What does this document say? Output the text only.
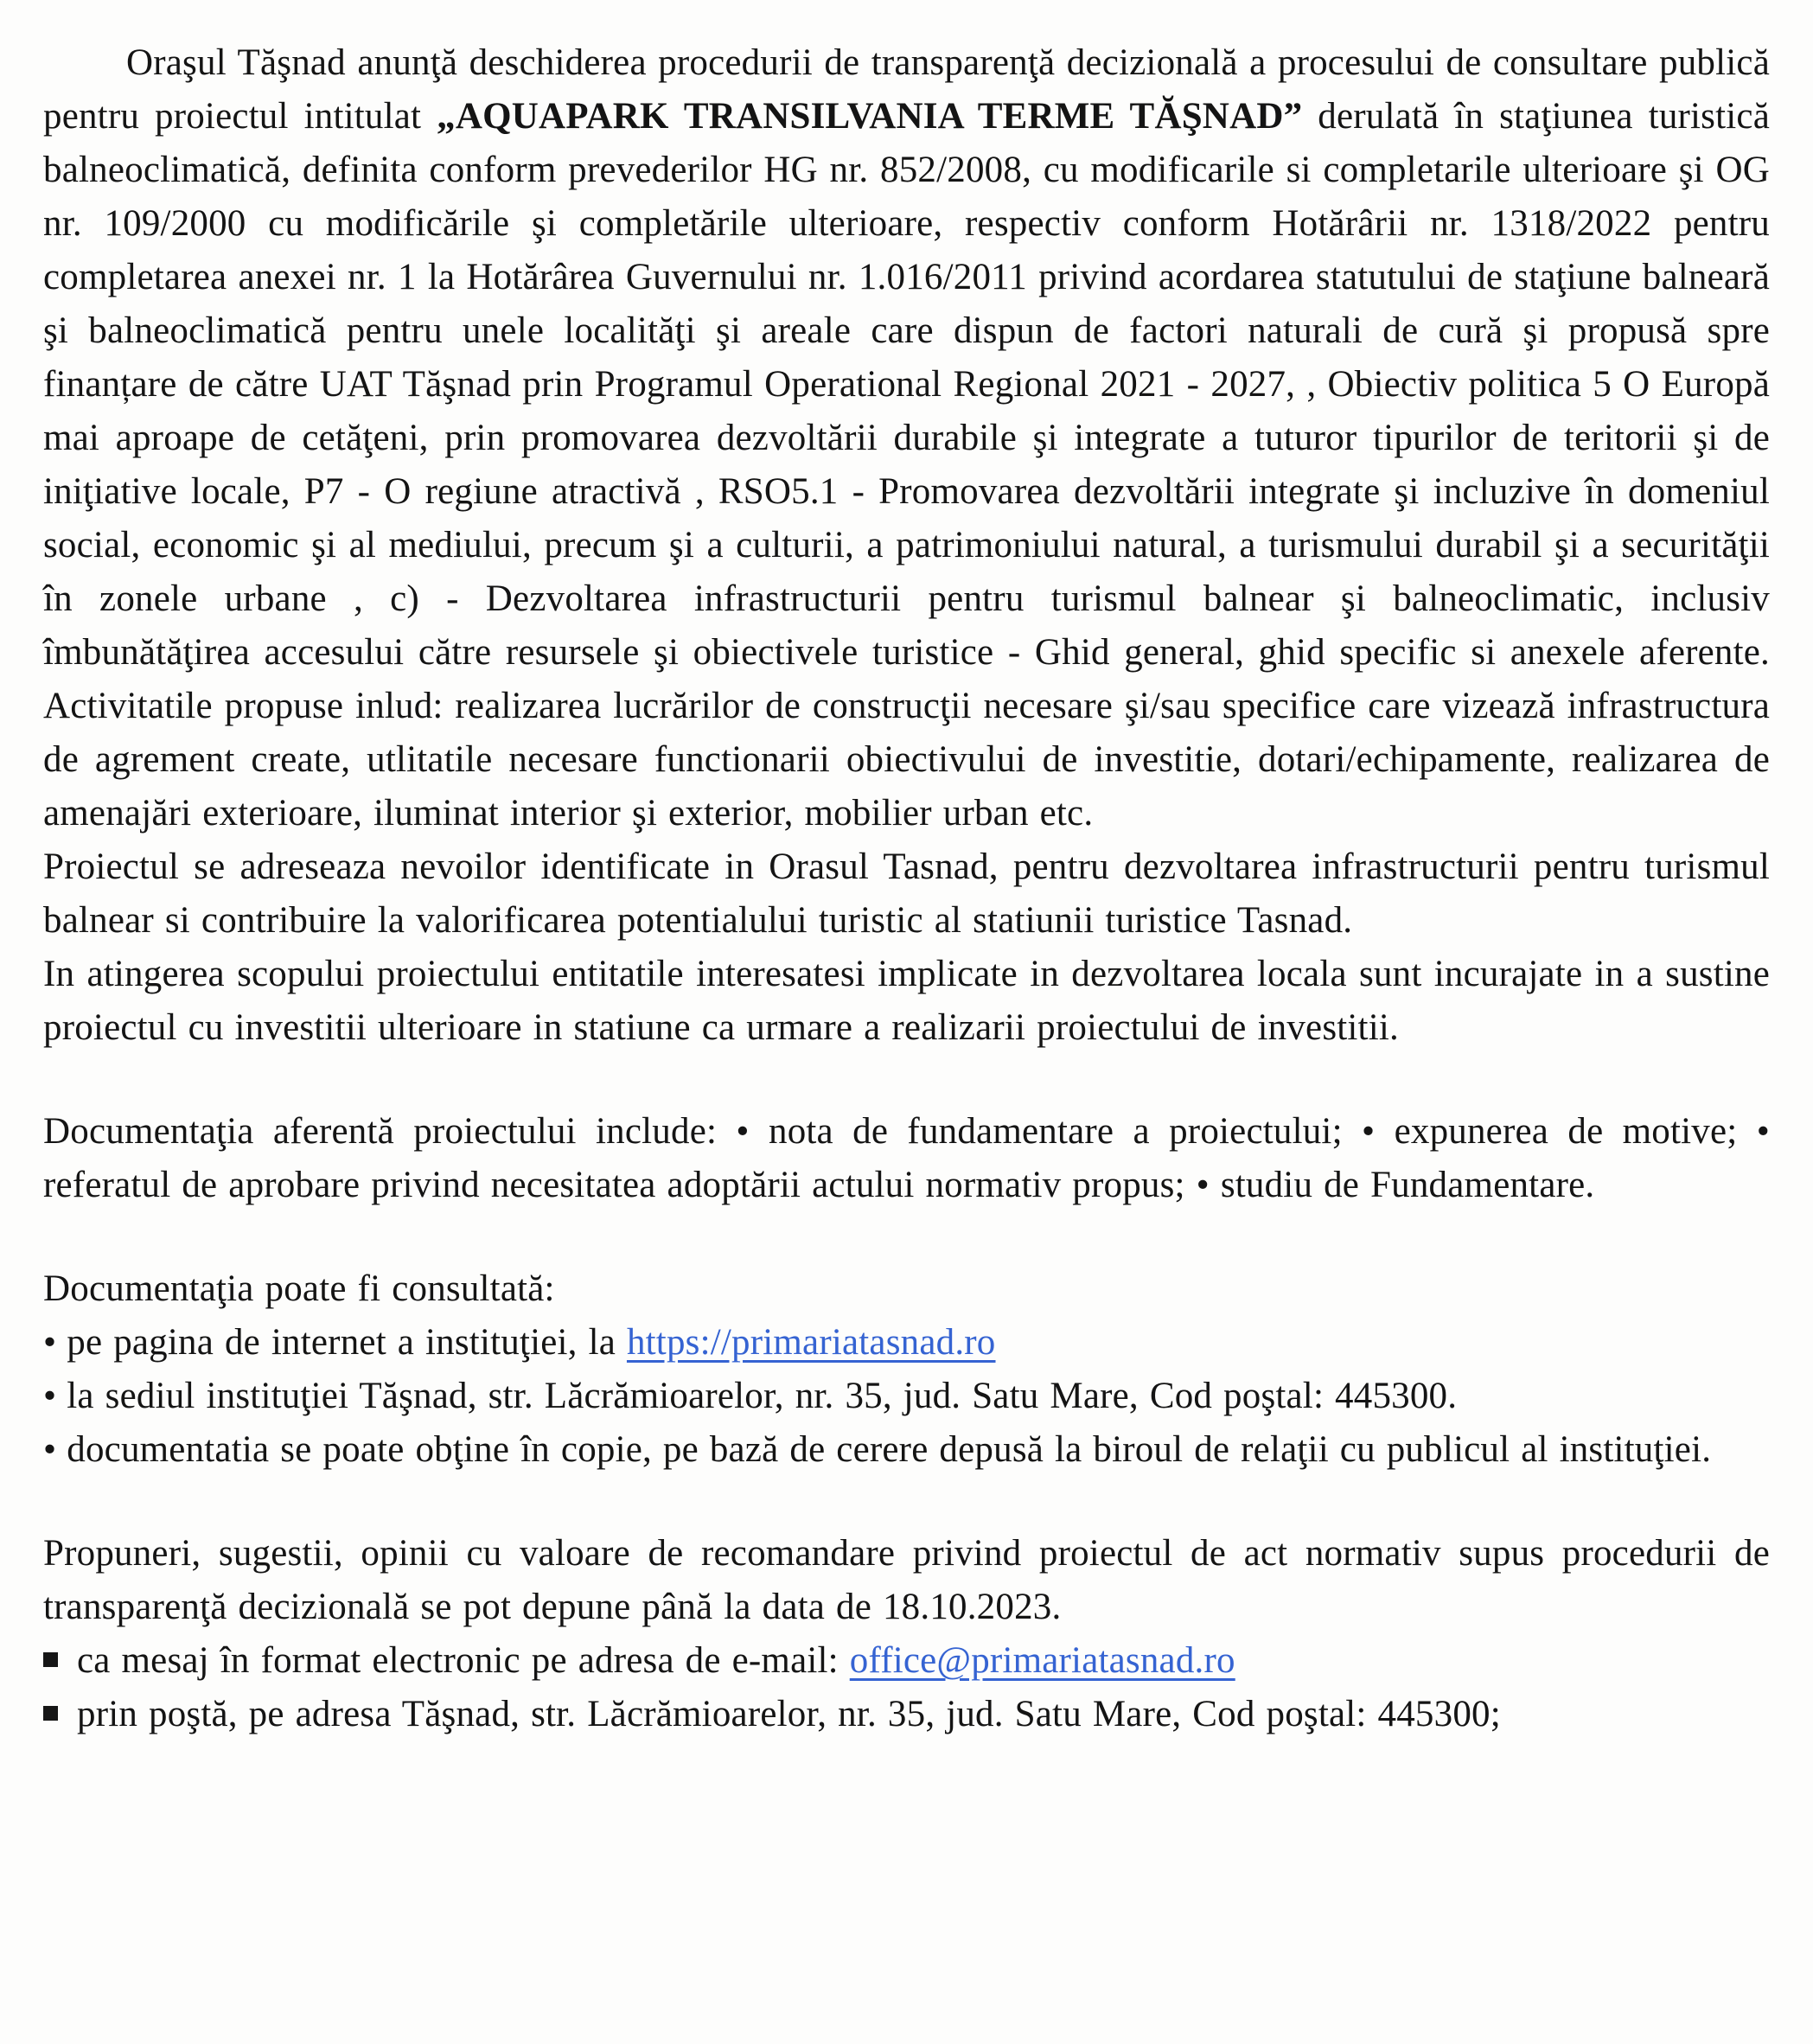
Oraşul Tăşnad anunţă deschiderea procedurii de transparenţă decizională a procesului de consultare publică pentru proiectul intitulat „AQUAPARK TRANSILVANIA TERME TĂŞNAD” derulată în staţiunea turistică balneoclimatică, definita conform prevederilor HG nr. 852/2008, cu modificarile si completarile ulterioare şi OG nr. 109/2000 cu modificările şi completările ulterioare, respectiv conform Hotărârii nr. 1318/2022 pentru completarea anexei nr. 1 la Hotărârea Guvernului nr. 1.016/2011 privind acordarea statutului de staţiune balneară şi balneoclimatică pentru unele localităţi şi areale care dispun de factori naturali de cură şi propusă spre finanțare de către UAT Tăşnad prin Programul Operational Regional 2021 - 2027, , Obiectiv politica 5 O Europă mai aproape de cetăţeni, prin promovarea dezvoltării durabile şi integrate a tuturor tipurilor de teritorii şi de iniţiative locale, P7 - O regiune atractivă , RSO5.1 - Promovarea dezvoltării integrate şi incluzive în domeniul social, economic şi al mediului, precum şi a culturii, a patrimoniului natural, a turismului durabil şi a securităţii în zonele urbane , c) - Dezvoltarea infrastructurii pentru turismul balnear şi balneoclimatic, inclusiv îmbunătăţirea accesului către resursele şi obiectivele turistice - Ghid general, ghid specific si anexele aferente. Activitatile propuse inlud: realizarea lucrărilor de construcţii necesare şi/sau specifice care vizează infrastructura de agrement create, utlitatile necesare functionarii obiectivului de investitie, dotari/echipamente, realizarea de amenajări exterioare, iluminat interior şi exterior, mobilier urban etc.

Proiectul se adreseaza nevoilor identificate in Orasul Tasnad, pentru dezvoltarea infrastructurii pentru turismul balnear si contribuire la valorificarea potentialului turistic al statiunii turistice Tasnad.

In atingerea scopului proiectului entitatile interesatesi implicate in dezvoltarea locala sunt incurajate in a sustine proiectul cu investitii ulterioare in statiune ca urmare a realizarii proiectului de investitii.

Documentaţia aferentă proiectului include: • nota de fundamentare a proiectului; • expunerea de motive; • referatul de aprobare privind necesitatea adoptării actului normativ propus; • studiu de Fundamentare.

Documentaţia poate fi consultată:

• pe pagina de internet a instituţiei, la https://primariatasnad.ro

• la sediul instituţiei Tăşnad, str. Lăcrămioarelor, nr. 35, jud. Satu Mare, Cod poştal: 445300.

• documentatia se poate obţine în copie, pe bază de cerere depusă la biroul de relaţii cu publicul al instituţiei.

Propuneri, sugestii, opinii cu valoare de recomandare privind proiectul de act normativ supus procedurii de transparenţă decizională se pot depune până la data de 18.10.2023.

ca mesaj în format electronic pe adresa de e-mail: office@primariatasnad.ro

prin poştă, pe adresa Tăşnad, str. Lăcrămioarelor, nr. 35, jud. Satu Mare, Cod poştal: 445300;
